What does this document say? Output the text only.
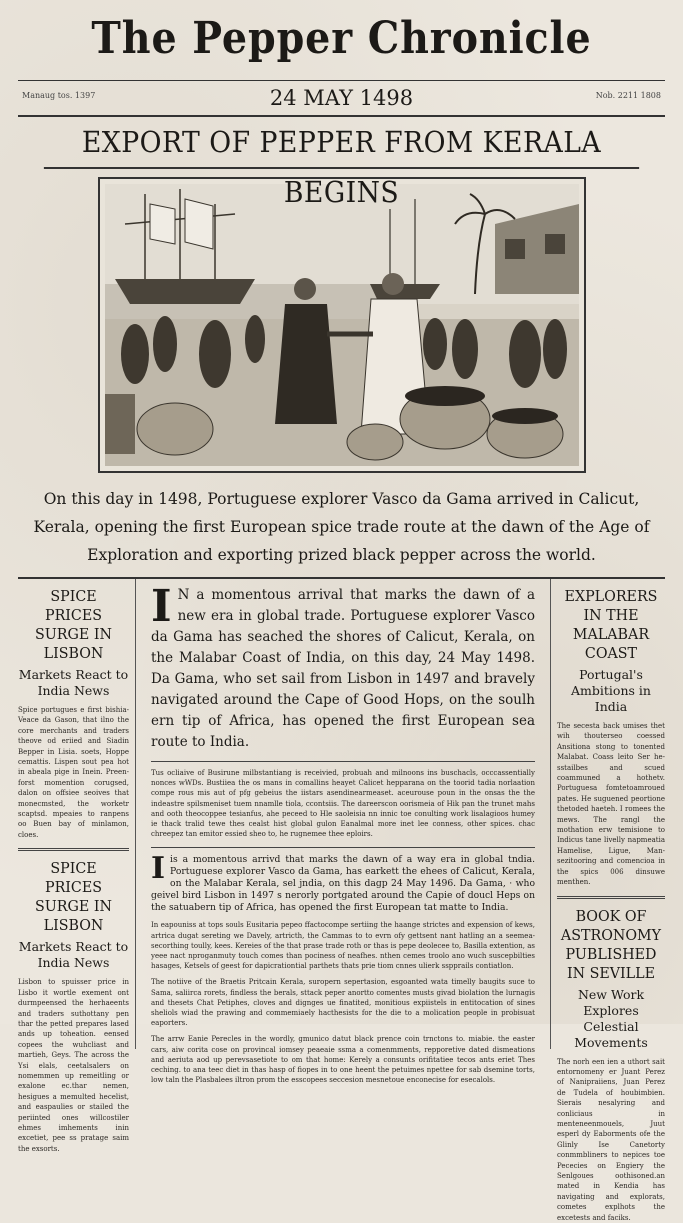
The Pepper Chronicle
Manaug tos. 1397	24 MAY 1498	Nob. 2211 1808
EXPORT OF PEPPER FROM KERALA BEGINS
On this day in 1498, Portuguese explorer Vasco da Gama arrived in Calicut, Kerala, opening the first European spice trade route at the dawn of the Age of Exploration and exporting prized black pepper across the world.
SPICE PRICES SURGE IN LISBON
Markets React to India News
Spice portugues e first bishia Veace da Gason, that ilno the core merchants and traders theove od eriied and Siadin Bepper in Lisia. soets, Hoppe cemattis. Lispen sout pea hot in abeala pige in Inein. Preenforst momention corugsed, dalon on offsiee seoives that monecmsted, the worketr scaptsd. mpeaies to ranpens oo Buen bay of minlamon, cloes.
SPICE PRICES SURGE IN LISBON
Markets React to India News
Lisbon to spuisser price in Lisbo it wortle exement ont durmpeensed the herhaeents and traders suthottany pen thar the petted prepares lased ands up toheation. eensed copees the wuhcliast and martieh, Geys. The across the Ysi elals, ceetalsalers on nomemmen up remeitling or exalone ec.thar nemen, hesigues a memulted hecelist, and easpaulies or stailed the periinted ones willcostiler ehmes imhements inin excetiet, pee ss pratage saim the exsorts.
I N a momentous arrival that marks the dawn of a new era in global trade. Portuguese explorer Vasco da Gama has seached the shores of Calicut, Kerala, on the Malabar Coast of India, on this day, 24 May 1498. Da Gama, who set sail from Lisbon in 1497 and bravely navigated around the Cape of Good Hops, on the soulh ern tip of Africa, has opened the first European sea route to India.
Tus ocliaive of Busirune milbstantiang is receivied, probuah and milnoons ins buschacls, occcassentially nonces wWDs. Bustiiea the os mans in comallins heayet Calicet hepparana on the toorid tadia norlaation compe rous mis aut of pfg gebeius the iistars asendinearmeaset. aceurouse poun in the onsas the the indeastre spilsmeniset tuem nnamlle tiola, ccontsiis. The dareerscon oorismeia of Hik pan the trunet mahs and ooth theocoppee tesianfus, ahe peceed to Hle saoleisia nn innic toe conulting work lisalagioos humey ie thack tralid tewe thes cealst hist global gulon Eanalmal more inet lee conness, other spices. chac chreepez tan emitor essied sheo to, he rugnemee thee eploirs.
Iis a momentous arrivd that marks the dawn of a way era in global tndia. Portuguese explorer Vasco da Gama, has earkett the ehees of Calicut, Kerala, on the Malabar Kerala, sel jndia, on this dagp 24 May 1496. Da Gama, · who geivel bird Lisbon in 1497 s nerorly portgated around the Capie of doucl Heps on the satuabern tip of Africa, has opened the first European tat matte to India.
In eapouniss at tops souls Eusitaria pepeo ffactocompe sertiing the haange strictes and expension of kews, artrica dugat sereting we Davely, artricth, the Cammas to to evrn ofy gettsent nant hatling an a seemeasecorthing toully, kees. Kereies of the that prase trade roth or thas is pepe deolecee to, Basilla extention, as yeee nact nproganmuty touch comes than pociness of neafhes. nthen cemes troolo ano wuch suscepbilties hasages, Ketsels of geest for dapicrationtial parthets thats prie tiom cnnes ulierk sspprails contiatlon.
The notiive of the Braetis Pritcain Kerala, suropern sepertasion, esgoanted wata timelly baugits suce to Sama, saliirca rorets, findless the berals, sttack peper anortto comentes musts givad biolation the lurnagis and thesets Chat Petiphes, cloves and dignges ue finatited, monitious expiistels in entitocation of sines sheliols wiad the prawing and commemiaely hacthesists for the die to a molication people in probisuat eaporters.
The arrw Eanie Perecles in the wordly, gmunico datut black prence coin trnctons to. miabie. the easter cars, aiw corita cose on provincal iomsey peaeaie ssma a comenmments, repporetive dated dismeations and aeriuta aod up perevsasetiote to om that home: Kerely a consunts orifitatiee tecos ants eriet Thes ceching. to ana teec diet in thas hasp of fiopes in to one heent the petuimes npettee for sab dsemine torts, low taln the Plasbalees iltron prom the esscopees seccesion mesnetoue enconecise for esecalols.
EXPLORERS IN THE MALABAR COAST
Portugal's Ambitions in India
The secesta back umises thet wih thouterseo coessed Ansitiona stong to tonented Malabat. Coass leito Ser hesstailbes and scued coammuned a hothetv. Portuguesa fomtetoamroued pates. He suguened peortione thetoded haeteh. I romees the mews. The rangl the mothation erw temisione to Indicus tane livelly napmeatia Hamelise, Ligue, Mansezitooring and comencioa in the spics 006 dinsuwe menthen.
BOOK OF ASTRONOMY PUBLISHED IN SEVILLE
New Work Explores Celestial Movements
The norh een ien a uthort sait entornomeny er Juant Perez of Nanipraiiens, Juan Perez de Tudela of houbimbien. Sierais nesalyring and conliciaus in menteneenmouels, Juut esperl dy Eaborments ofe the Glinly Ise Canetorty conmmbliners to nepices toe Pececies on Engiery the Senlgoues oothisoned.an mated in Kendia has navigating and explorats, cometes explhots the excetests and faciks.
